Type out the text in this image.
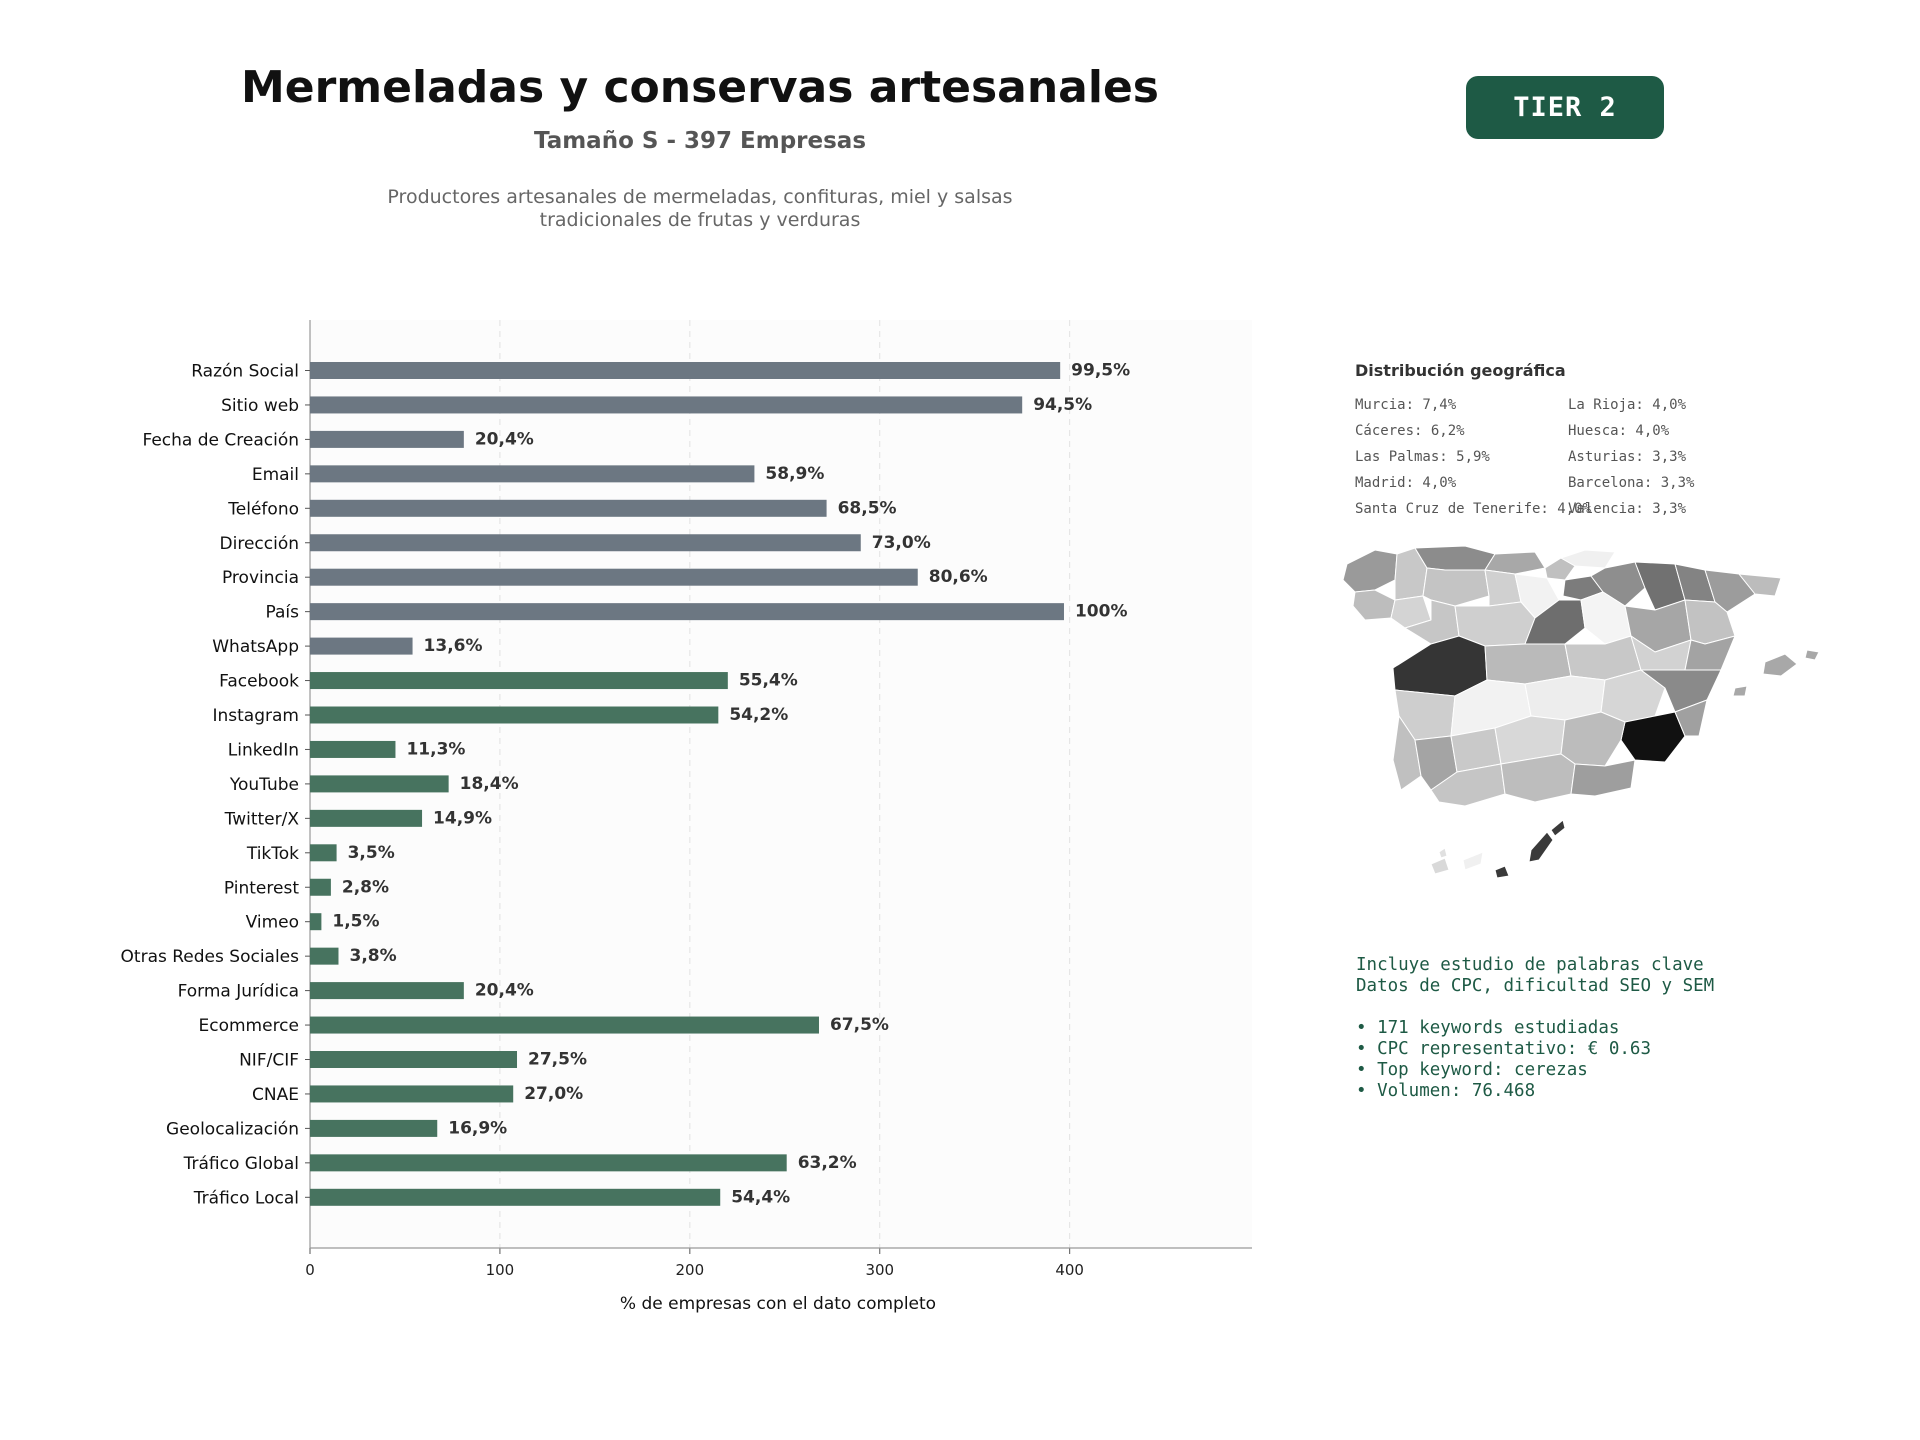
Mermeladas y conservas artesanales
Tamaño S - 397 Empresas
Productores artesanales de mermeladas, confituras, miel y salsas tradicionales de frutas y verduras
TIER 2
0	100	200	300	400
Razón Social	99,5%
Sitio web	94,5%
Fecha de Creación	20,4%
Email	58,9%
Teléfono	68,5%
Dirección	73,0%
Provincia	80,6%
País	100%
WhatsApp	13,6%
Facebook	55,4%
Instagram	54,2%
LinkedIn	11,3%
YouTube	18,4%
Twitter/X	14,9%
TikTok	3,5%
Pinterest	2,8%
Vimeo 1,5%
Otras Redes Sociales	3,8%
Forma Jurídica	20,4%
Ecommerce	67,5%
NIF/CIF	27,5%
CNAE	27,0%
Geolocalización	16,9%
Tráfico Global	63,2%
Tráfico Local	54,4%
% de empresas con el dato completo
Distribución geográfica
Murcia: 7,4%
Cáceres: 6,2%
Las Palmas: 5,9%
Madrid: 4,0%
Santa Cruz de Tenerife: 4,0%
La Rioja: 4,0%
Huesca: 4,0%
Asturias: 3,3%
Barcelona: 3,3%
Valencia: 3,3%
Incluye estudio de palabras clave
Datos de CPC, dificultad SEO y SEM
• 171 keywords estudiadas
• CPC representativo: € 0.63
• Top keyword: cerezas
• Volumen: 76.468
